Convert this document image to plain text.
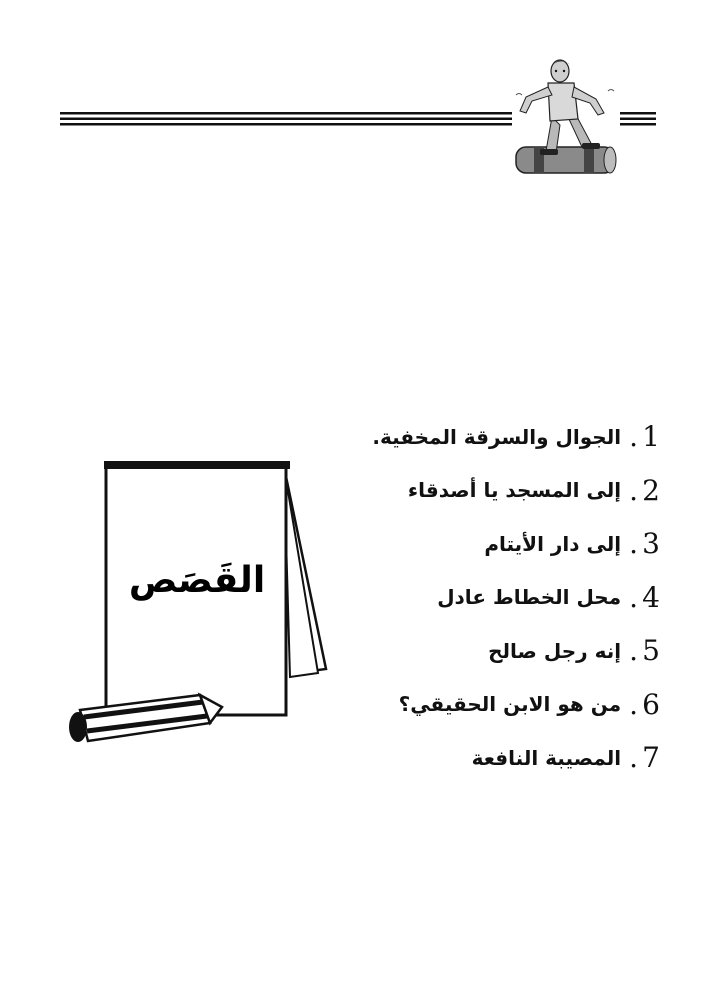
القَصَص
الجوال والسرقة المخفية. . 1
إلى المسجد يا أصدقاء . 2
إلى دار الأيتام . 3
محل الخطاط عادل . 4
إنه رجل صالح . 5
من هو الابن الحقيقي؟ . 6
المصيبة النافعة . 7
